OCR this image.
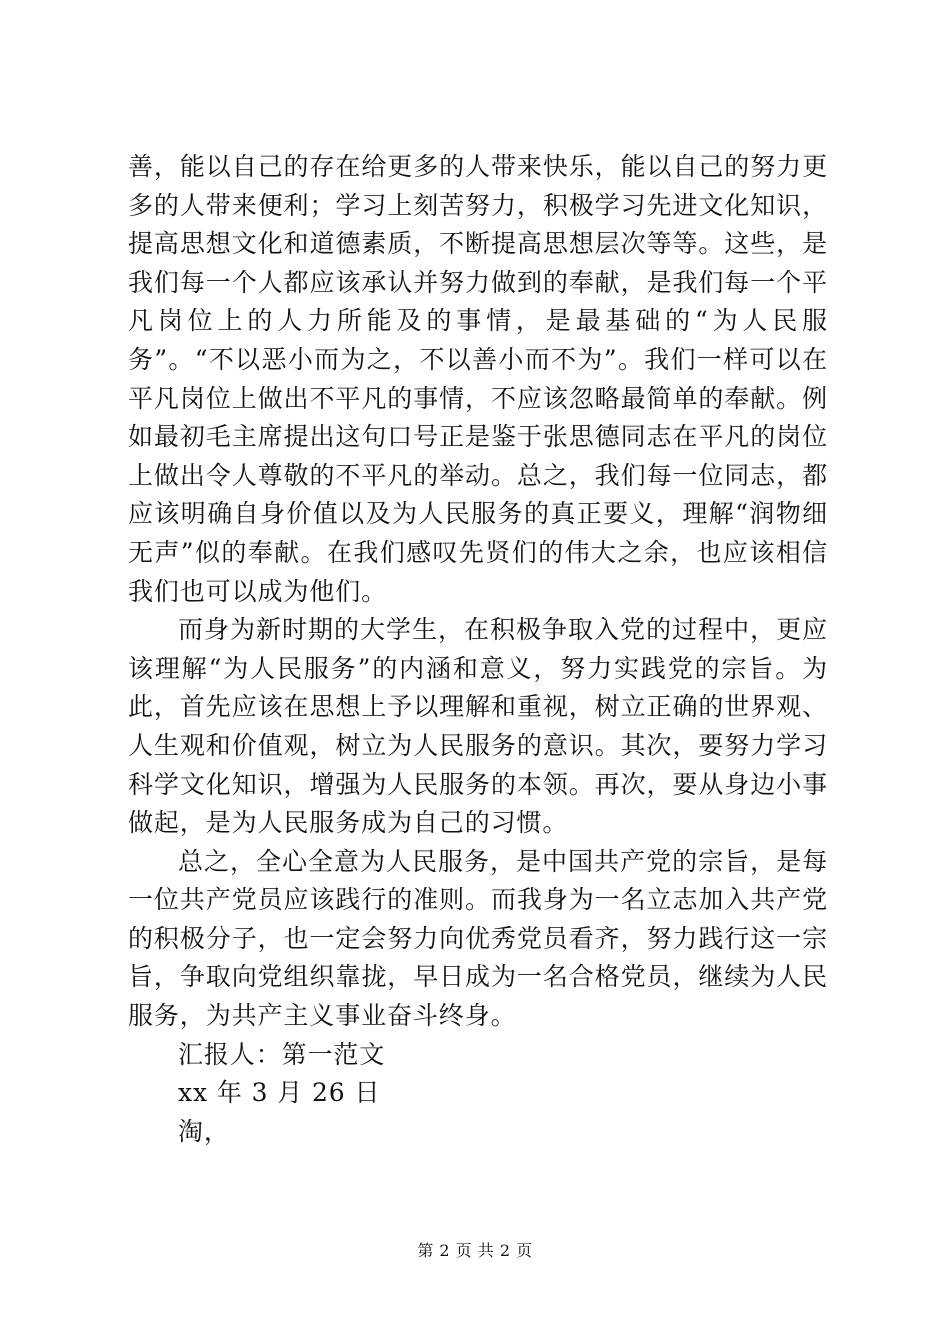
善，能以自己的存在给更多的人带来快乐，能以自己的努力更多的人带来便利；学习上刻苦努力，积极学习先进文化知识，提高思想文化和道德素质，不断提高思想层次等等。这些，是我们每一个人都应该承认并努力做到的奉献，是我们每一个平凡岗位上的人力所能及的事情，是最基础的“为人民服务”。“不以恶小而为之，不以善小而不为”。我们一样可以在平凡岗位上做出不平凡的事情，不应该忽略最简单的奉献。例如最初毛主席提出这句口号正是鉴于张思德同志在平凡的岗位上做出令人尊敬的不平凡的举动。总之，我们每一位同志，都应该明确自身价值以及为人民服务的真正要义，理解“润物细无声”似的奉献。在我们感叹先贤们的伟大之余，也应该相信我们也可以成为他们。

而身为新时期的大学生，在积极争取入党的过程中，更应该理解“为人民服务”的内涵和意义，努力实践党的宗旨。为此，首先应该在思想上予以理解和重视，树立正确的世界观、人生观和价值观，树立为人民服务的意识。其次，要努力学习科学文化知识，增强为人民服务的本领。再次，要从身边小事做起，是为人民服务成为自己的习惯。

总之，全心全意为人民服务，是中国共产党的宗旨，是每一位共产党员应该践行的准则。而我身为一名立志加入共产党的积极分子，也一定会努力向优秀党员看齐，努力践行这一宗旨，争取向党组织靠拢，早日成为一名合格党员，继续为人民服务，为共产主义事业奋斗终身。

汇报人：第一范文

xx 年 3 月 26 日

淘，

第 2 页 共 2 页
